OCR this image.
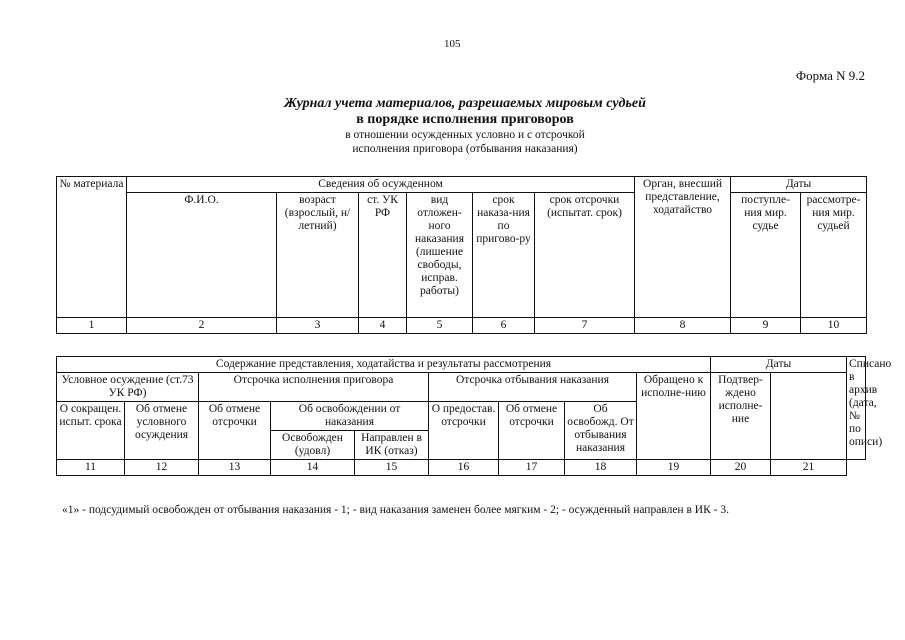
105
Форма N 9.2
Журнал учета материалов, разрешаемых мировым судьей
в порядке исполнения приговоров
в отношении осужденных условно и с отсрочкой
исполнения приговора (отбывания наказания)
№ материала	Сведения об осужденном						Орган, внесший представление, ходатайство	Даты	
	Ф.И.О.	возраст (взрослый, н/летний)	ст. УК РФ	вид отложен-ного наказания (лишение свободы, исправ. работы)	срок наказа-ния по пригово-ру	срок отсрочки (испытат. срок)		поступле-ния мир. судье	рассмотре-ния мир. судьей
1	2	3	4	5	6	7	8	9	10
Содержание представления, ходатайства и результаты рассмотрения									Даты		Списано в архив (дата, № по описи)
Условное осуждение (ст.73 УК РФ)		Отсрочка исполнения приговора			Отсрочка отбывания наказания			Обращено к исполне-нию	Подтвер-ждено исполне-ние		
О сокращен. испыт. срока	Об отмене условного осуждения	Об отмене отсрочки	Об освобождении от наказания		О предостав. отсрочки	Об отмене отсрочки	Об освобожд. От отбывания наказания				
			Освобожден (удовл)	Направлен в ИК (отказ)							
11	12	13	14	15	16	17	18	19	20	21	
«1» - подсудимый освобожден от отбывания наказания - 1; - вид наказания заменен более мягким - 2; - осужденный направлен в ИК - 3.
